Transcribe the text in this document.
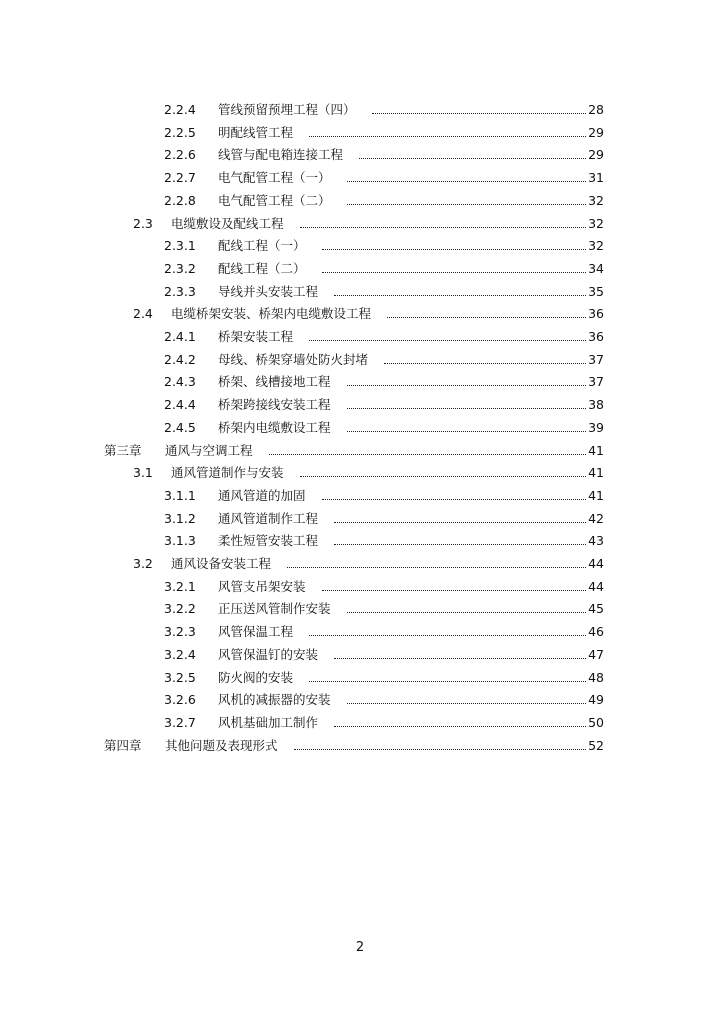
2.2.4 管线预留预埋工程（四）	28
2.2.5 明配线管工程	29
2.2.6 线管与配电箱连接工程	29
2.2.7 电气配管工程（一）	31
2.2.8 电气配管工程（二）	32
2.3 电缆敷设及配线工程	32
2.3.1 配线工程（一）	32
2.3.2 配线工程（二）	34
2.3.3 导线并头安装工程	35
2.4 电缆桥架安装、桥架内电缆敷设工程	36
2.4.1 桥架安装工程	36
2.4.2 母线、桥架穿墙处防火封堵	37
2.4.3 桥架、线槽接地工程	37
2.4.4 桥架跨接线安装工程	38
2.4.5 桥架内电缆敷设工程	39
第三章 通风与空调工程	41
3.1 通风管道制作与安装	41
3.1.1 通风管道的加固	41
3.1.2 通风管道制作工程	42
3.1.3 柔性短管安装工程	43
3.2 通风设备安装工程	44
3.2.1 风管支吊架安装	44
3.2.2 正压送风管制作安装	45
3.2.3 风管保温工程	46
3.2.4 风管保温钉的安装	47
3.2.5 防火阀的安装	48
3.2.6 风机的减振器的安装	49
3.2.7 风机基础加工制作	50
第四章 其他问题及表现形式	52
2
